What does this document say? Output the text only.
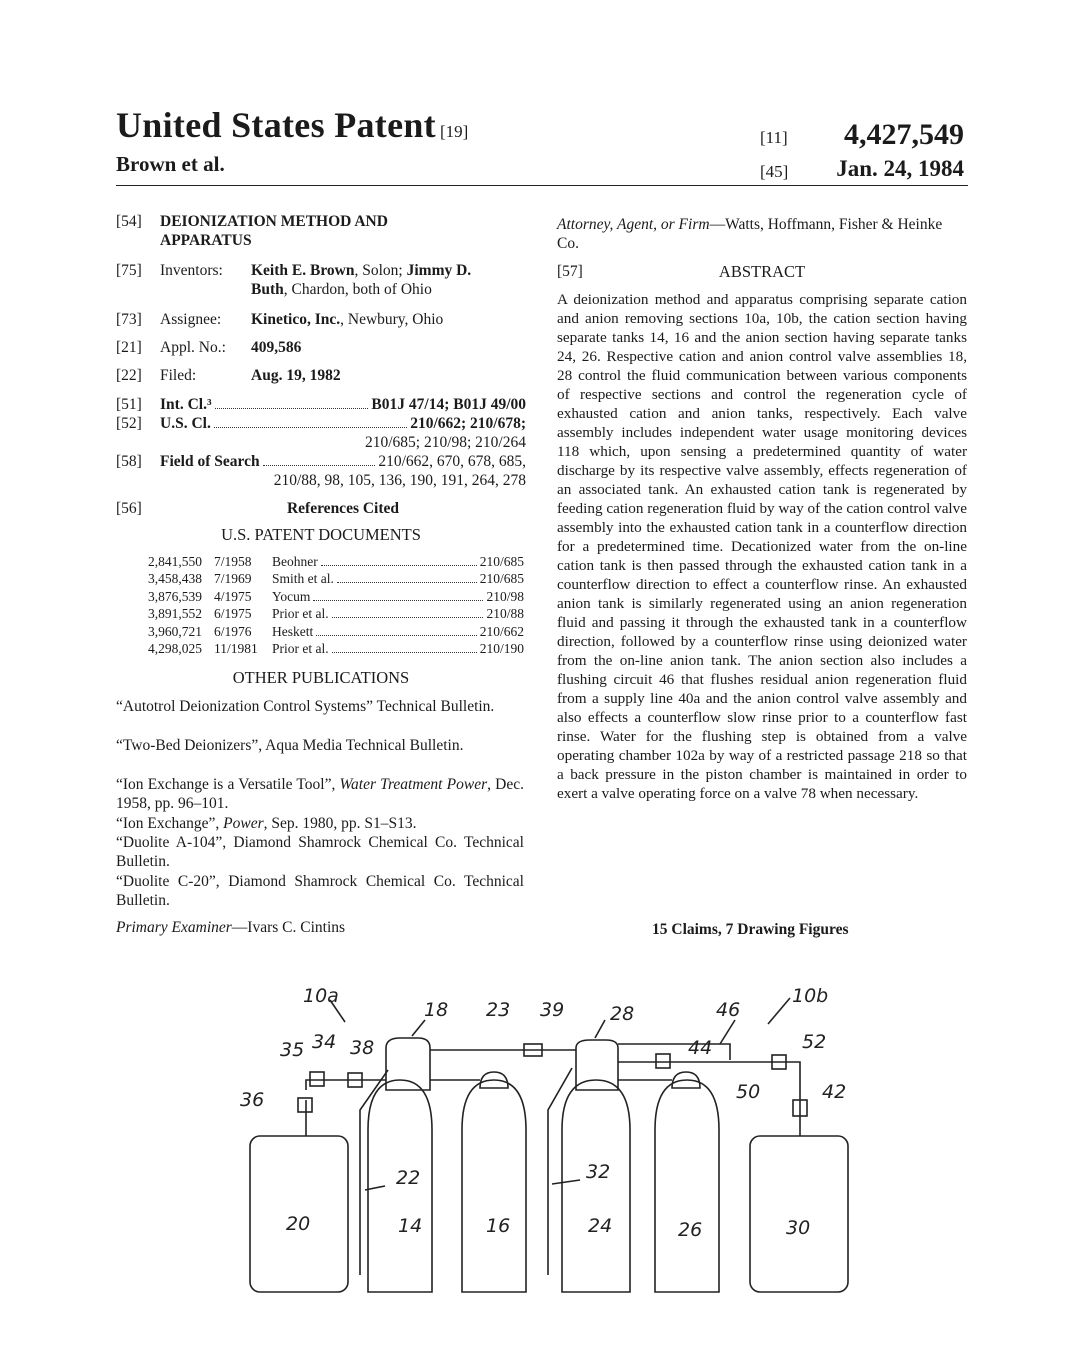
United States Patent [19]
Brown et al.
[11] 4,427,549
[45] Jan. 24, 1984
[54] DEIONIZATION METHOD AND
APPARATUS
[75] Inventors: Keith E. Brown, Solon; Jimmy D.
Buth, Chardon, both of Ohio
[73] Assignee: Kinetico, Inc., Newbury, Ohio
[21] Appl. No.: 409,586
[22] Filed:	Aug. 19, 1982
[51] Int. Cl.³	B01J 47/14; B01J 49/00
[52] U.S. Cl.	210/662; 210/678;
210/685; 210/98; 210/264
[58] Field of Search	210/662, 670, 678, 685,
210/88, 98, 105, 136, 190, 191, 264, 278
[56]	References Cited
U.S. PATENT DOCUMENTS
2,841,550 7/1958	Beohner	210/685
3,458,438 7/1969	Smith et al.	210/685
3,876,539 4/1975	Yocum	210/98
3,891,552 6/1975	Prior et al.	210/88
3,960,721 6/1976	Heskett	210/662
4,298,025 11/1981	Prior et al.	210/190
OTHER PUBLICATIONS
“Autotrol Deionization Control Systems” Technical Bulletin.
“Two-Bed Deionizers”, Aqua Media Technical Bulletin.
“Ion Exchange is a Versatile Tool”, Water Treatment Power, Dec. 1958, pp. 96–101.
“Ion Exchange”, Power, Sep. 1980, pp. S1–S13.
“Duolite A-104”, Diamond Shamrock Chemical Co. Technical Bulletin.
“Duolite C-20”, Diamond Shamrock Chemical Co. Technical Bulletin.
Primary Examiner—Ivars C. Cintins
Attorney, Agent, or Firm—Watts, Hoffmann, Fisher & Heinke Co.
[57]	ABSTRACT
A deionization method and apparatus comprising separate cation and anion removing sections 10a, 10b, the cation section having separate tanks 14, 16 and the anion section having separate tanks 24, 26. Respective cation and anion control valve assemblies 18, 28 control the fluid communication between various components of respective sections and control the regeneration cycle of exhausted cation and anion tanks, respectively. Each valve assembly includes independent water usage monitoring devices 118 which, upon sensing a predetermined quantity of water discharge by its respective valve assembly, effects regeneration of an associated tank. An exhausted cation tank is regenerated by feeding cation regeneration fluid by way of the cation control valve assembly into the exhausted cation tank in a counterflow direction for a predetermined time. Decationized water from the on-line cation tank is then passed through the exhausted cation tank in a counterflow direction to effect a counterflow rinse. An exhausted anion tank is similarly regenerated using an anion regeneration fluid and passing it through the exhausted tank in a counterflow direction, followed by a counterflow rinse using deionized water from the on-line anion tank. The anion section also includes a flushing circuit 46 that flushes residual anion regeneration fluid from a supply line 40a and the anion control valve assembly and also effects a counterflow slow rinse prior to a counterflow fast rinse. Water for the flushing step is obtained from a valve operating chamber 102a by way of a restricted passage 218 so that a back pressure in the piston chamber is maintained in order to exert a valve operating force on a valve 78 when necessary.
15 Claims, 7 Drawing Figures
10a
18 23 39 28	46
10b
35 34 38	44	52
36	50	42
22	32
20	14	16	24	26	30
